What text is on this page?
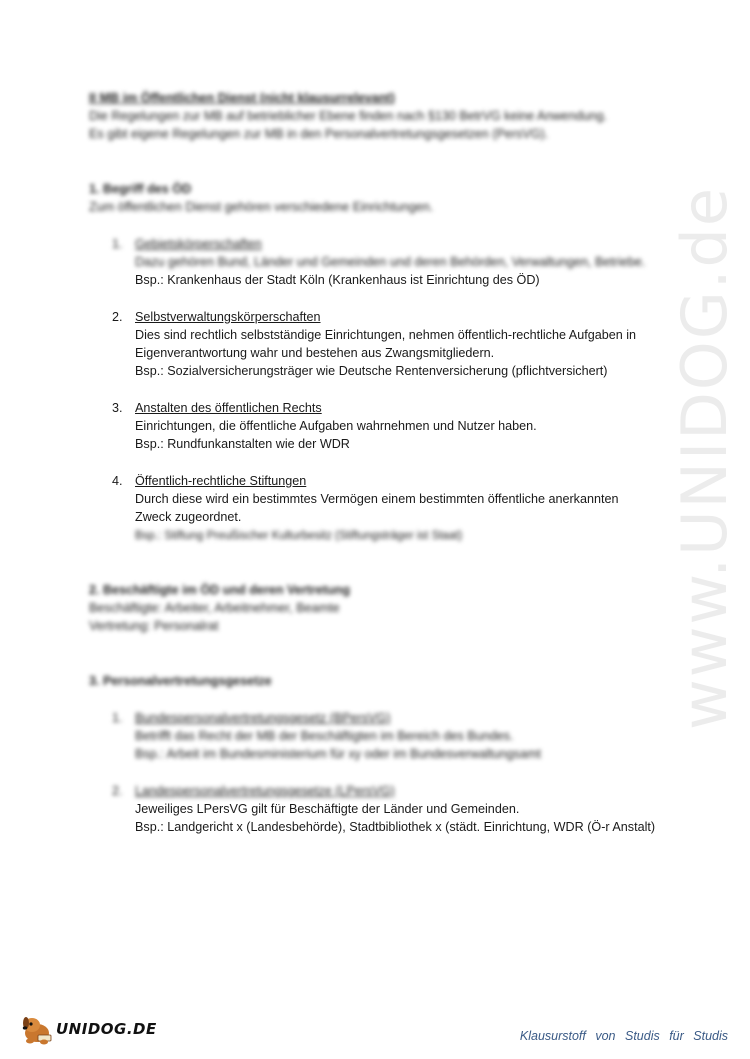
www.UNIDOG.de
II MB im Öffentlichen Dienst (nicht klausurrelevant)
Die Regelungen zur MB auf betrieblicher Ebene finden nach §130 BetrVG keine Anwendung.
Es gibt eigene Regelungen zur MB in den Personalvertretungsgesetzen (PersVG).
1. Begriff des ÖD
Zum öffentlichen Dienst gehören verschiedene Einrichtungen.
1. Gebietskörperschaften
Dazu gehören Bund, Länder und Gemeinden und deren Behörden, Verwaltungen, Betriebe.
Bsp.: Krankenhaus der Stadt Köln (Krankenhaus ist Einrichtung des ÖD)
2. Selbstverwaltungskörperschaften
Dies sind rechtlich selbstständige Einrichtungen, nehmen öffentlich-rechtliche Aufgaben in
Eigenverantwortung wahr und bestehen aus Zwangsmitgliedern.
Bsp.: Sozialversicherungsträger wie Deutsche Rentenversicherung (pflichtversichert)
3. Anstalten des öffentlichen Rechts
Einrichtungen, die öffentliche Aufgaben wahrnehmen und Nutzer haben.
Bsp.: Rundfunkanstalten wie der WDR
4. Öffentlich-rechtliche Stiftungen
Durch diese wird ein bestimmtes Vermögen einem bestimmten öffentliche anerkannten
Zweck zugeordnet.
Bsp.: Stiftung Preußischer Kulturbesitz (Stiftungsträger ist Staat)
2. Beschäftigte im ÖD und deren Vertretung
Beschäftigte: Arbeiter, Arbeitnehmer, Beamte
Vertretung: Personalrat
3. Personalvertretungsgesetze
1. Bundespersonalvertretungsgesetz (BPersVG)
Betrifft das Recht der MB der Beschäftigten im Bereich des Bundes.
Bsp.: Arbeit im Bundesministerium für xy oder im Bundesverwaltungsamt
2. Landespersonalvertretungsgesetze (LPersVG)
Jeweiliges LPersVG gilt für Beschäftigte der Länder und Gemeinden.
Bsp.: Landgericht x (Landesbehörde), Stadtbibliothek x (städt. Einrichtung, WDR (Ö-r Anstalt)
UNIDOG.DE	Klausurstoff von Studis für Studis
